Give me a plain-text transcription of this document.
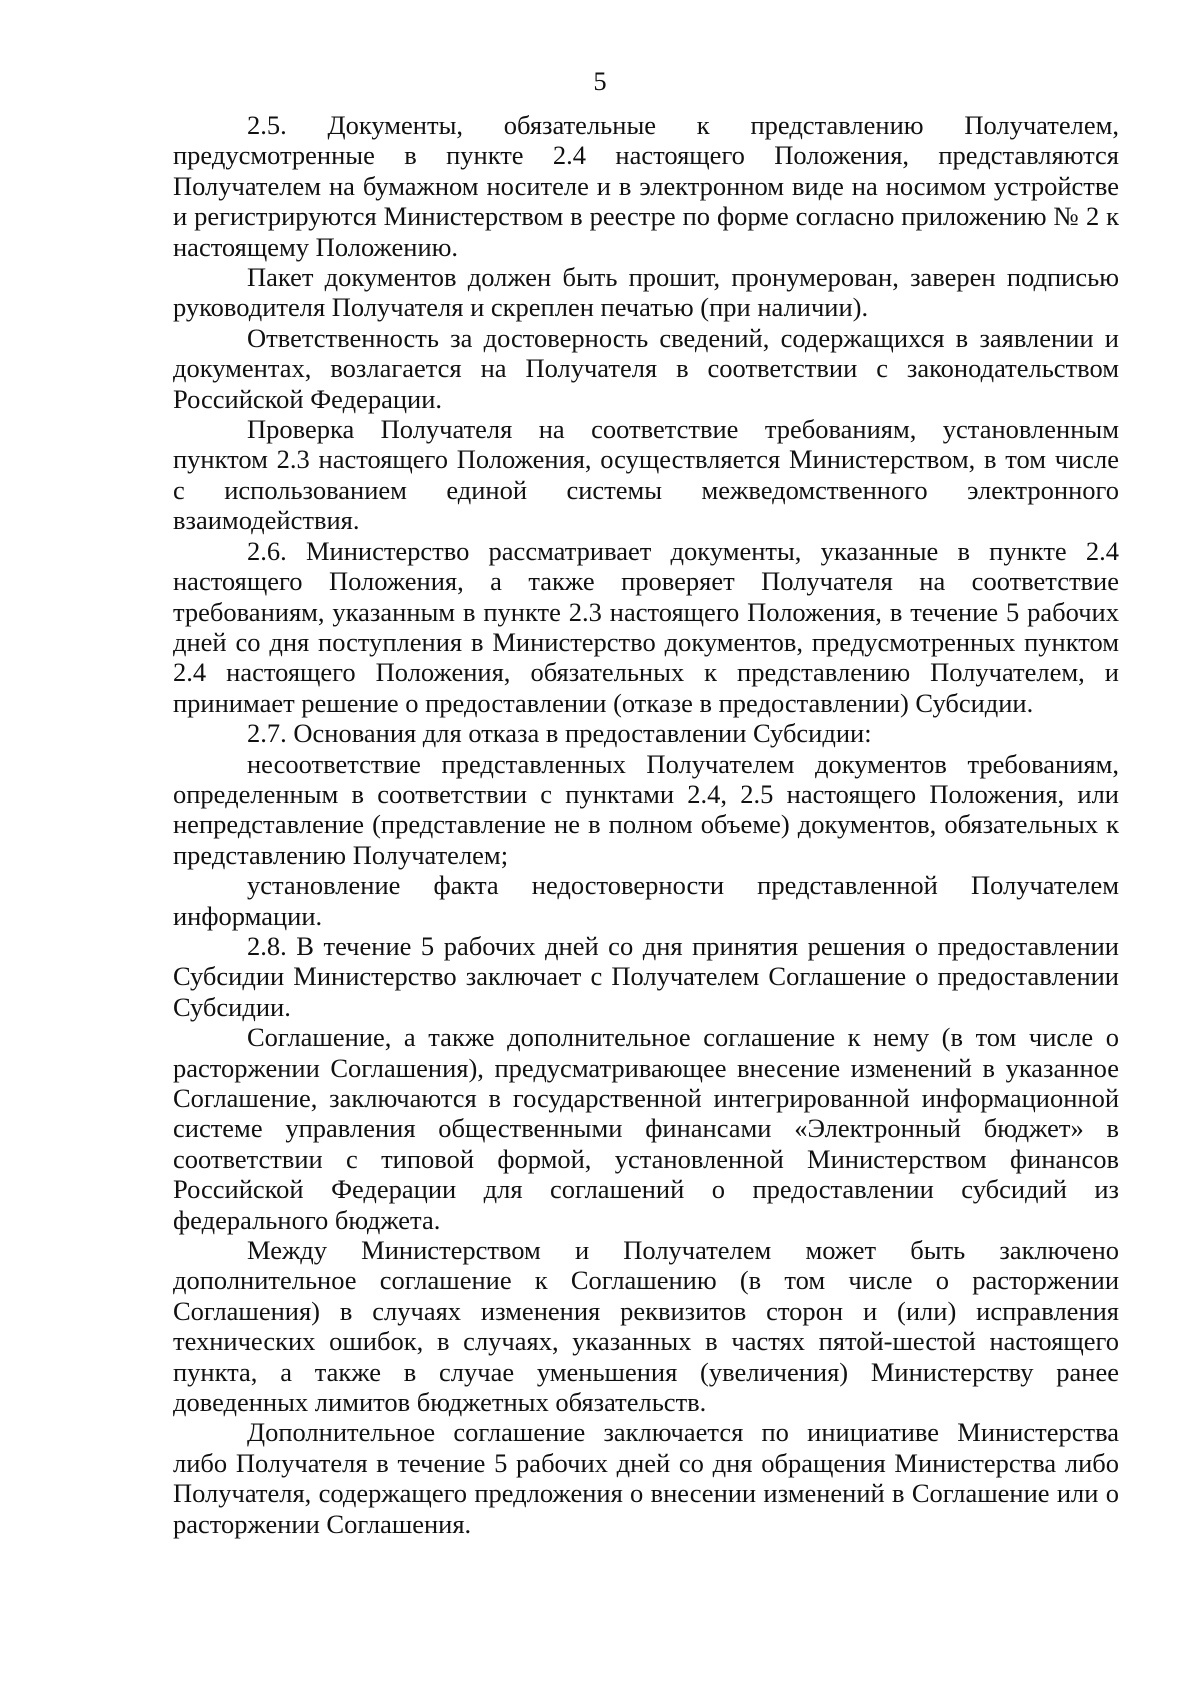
5

2.5. Документы, обязательные к представлению Получателем, предусмотренные в пункте 2.4 настоящего Положения, представляются Получателем на бумажном носителе и в электронном виде на носимом устройстве и регистрируются Министерством в реестре по форме согласно приложению № 2 к настоящему Положению.

Пакет документов должен быть прошит, пронумерован, заверен подписью руководителя Получателя и скреплен печатью (при наличии).

Ответственность за достоверность сведений, содержащихся в заявлении и документах, возлагается на Получателя в соответствии с законодательством Российской Федерации.

Проверка Получателя на соответствие требованиям, установленным пунктом 2.3 настоящего Положения, осуществляется Министерством, в том числе с использованием единой системы межведомственного электронного взаимодействия.

2.6. Министерство рассматривает документы, указанные в пункте 2.4 настоящего Положения, а также проверяет Получателя на соответствие требованиям, указанным в пункте 2.3 настоящего Положения, в течение 5 рабочих дней со дня поступления в Министерство документов, предусмотренных пунктом 2.4 настоящего Положения, обязательных к представлению Получателем, и принимает решение о предоставлении (отказе в предоставлении) Субсидии.

2.7. Основания для отказа в предоставлении Субсидии:

несоответствие представленных Получателем документов требованиям, определенным в соответствии с пунктами 2.4, 2.5 настоящего Положения, или непредставление (представление не в полном объеме) документов, обязательных к представлению Получателем;

установление факта недостоверности представленной Получателем информации.

2.8. В течение 5 рабочих дней со дня принятия решения о предоставлении Субсидии Министерство заключает с Получателем Соглашение о предоставлении Субсидии.

Соглашение, а также дополнительное соглашение к нему (в том числе о расторжении Соглашения), предусматривающее внесение изменений в указанное Соглашение, заключаются в государственной интегрированной информационной системе управления общественными финансами «Электронный бюджет» в соответствии с типовой формой, установленной Министерством финансов Российской Федерации для соглашений о предоставлении субсидий из федерального бюджета.

Между Министерством и Получателем может быть заключено дополнительное соглашение к Соглашению (в том числе о расторжении Соглашения) в случаях изменения реквизитов сторон и (или) исправления технических ошибок, в случаях, указанных в частях пятой-шестой настоящего пункта, а также в случае уменьшения (увеличения) Министерству ранее доведенных лимитов бюджетных обязательств.

Дополнительное соглашение заключается по инициативе Министерства либо Получателя в течение 5 рабочих дней со дня обращения Министерства либо Получателя, содержащего предложения о внесении изменений в Соглашение или о расторжении Соглашения.
